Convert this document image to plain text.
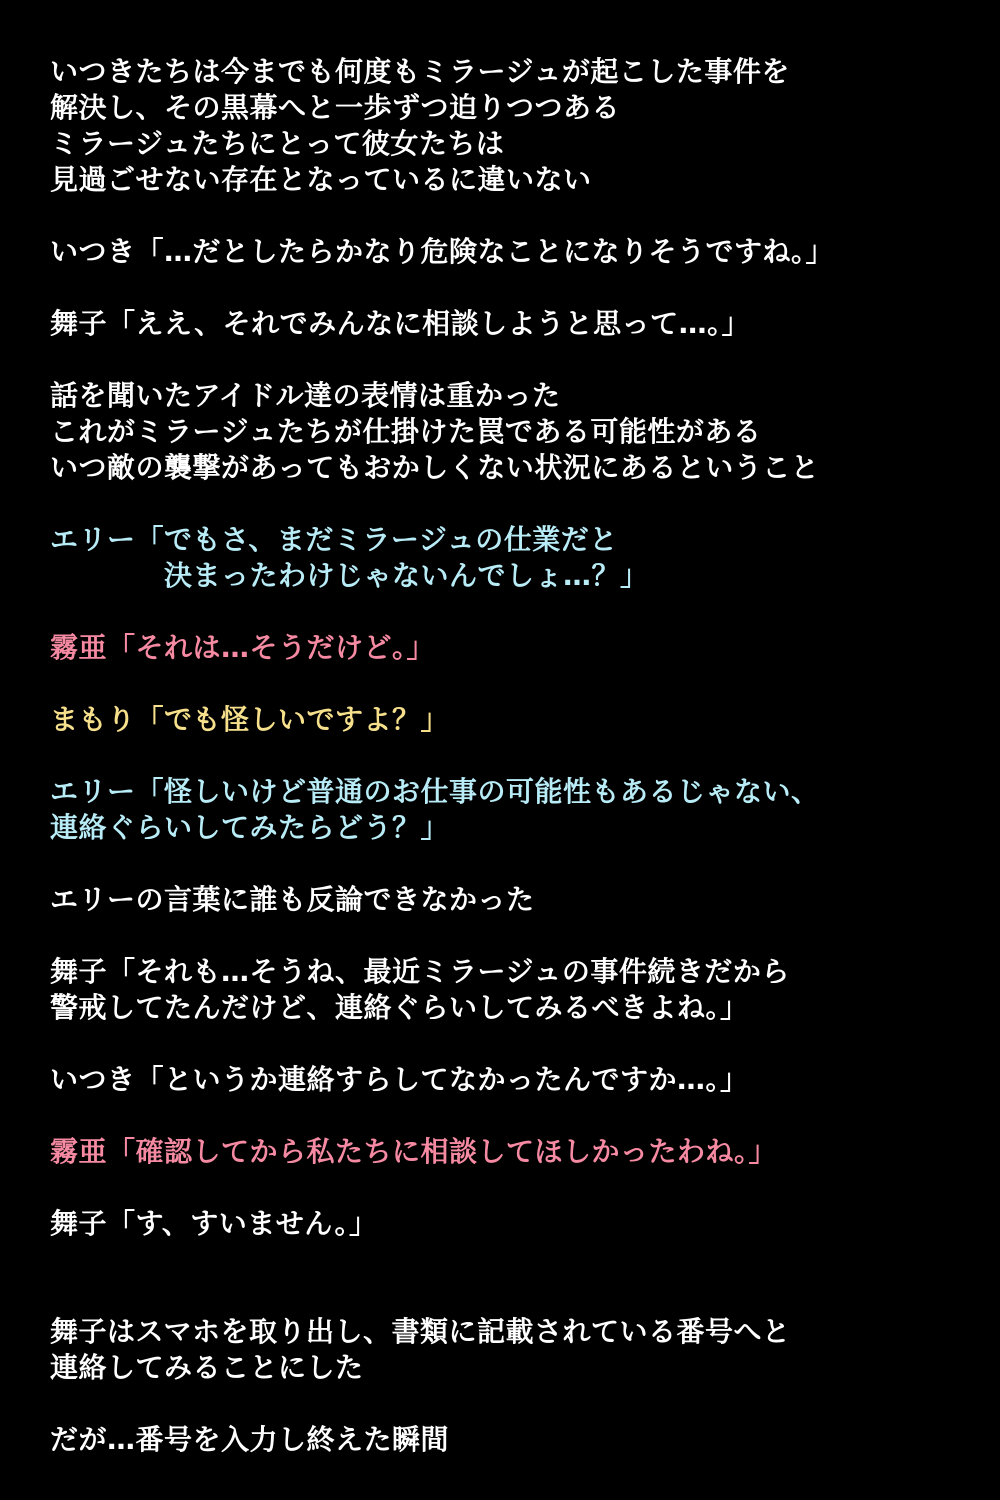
いつきたちは今までも何度もミラージュが起こした事件を
解決し、その黒幕へと一歩ずつ迫りつつある
ミラージュたちにとって彼女たちは
見過ごせない存在となっているに違いない
いつき「…だとしたらかなり危険なことになりそうですね。」
舞子「ええ、それでみんなに相談しようと思って…。」
話を聞いたアイドル達の表情は重かった
これがミラージュたちが仕掛けた罠である可能性がある
いつ敵の襲撃があってもおかしくない状況にあるということ
エリー「でもさ、まだミラージュの仕業だと
　　　　決まったわけじゃないんでしょ…？」
霧亜「それは…そうだけど。」
まもり「でも怪しいですよ？」
エリー「怪しいけど普通のお仕事の可能性もあるじゃない、
連絡ぐらいしてみたらどう？」
エリーの言葉に誰も反論できなかった
舞子「それも…そうね、最近ミラージュの事件続きだから
警戒してたんだけど、連絡ぐらいしてみるべきよね。」
いつき「というか連絡すらしてなかったんですか…。」
霧亜「確認してから私たちに相談してほしかったわね。」
舞子「す、すいません。」
舞子はスマホを取り出し、書類に記載されている番号へと
連絡してみることにした
だが…番号を入力し終えた瞬間
